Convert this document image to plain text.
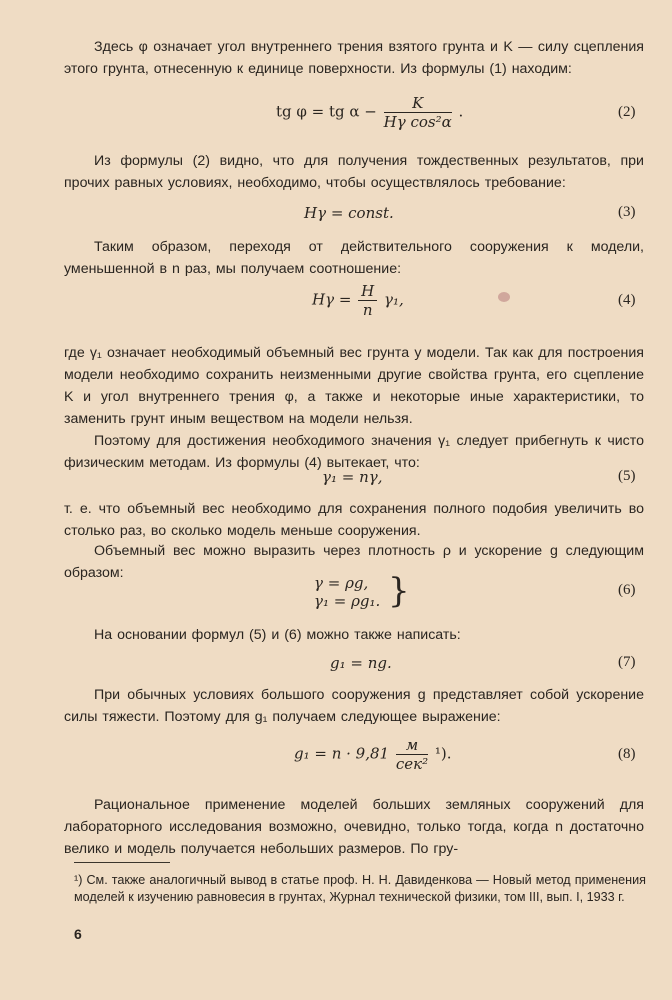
Здесь φ означает угол внутреннего трения взятого грунта и K — силу сцепления этого грунта, отнесенную к единице поверхности. Из формулы (1) находим:
tg φ = tg $\alpha - \frac{K}{\text{Hγ cos²α}}$ .	(2)
Из формулы (2) видно, что для получения тождественных результатов, при прочих равных условиях, необходимо, чтобы осуществлялось требование:
Hγ = const.	(3)
Таким образом, переходя от действительного сооружения к модели, уменьшенной в n раз, мы получаем соотношение:
$H\gamma = \frac{H}{n} \gamma_1$,	(4)
где γ₁ означает необходимый объемный вес грунта у модели. Так как для построения модели необходимо сохранить неизменными другие свойства грунта, его сцепление K и угол внутреннего трения φ, а также и некоторые иные характеристики, то заменить грунт иным веществом на модели нельзя.
Поэтому для достижения необходимого значения γ₁ следует прибегнуть к чисто физическим методам. Из формулы (4) вытекает, что:
γ₁ = nγ,	(5)
т. е. что объемный вес необходимо для сохранения полного подобия увеличить во столько раз, во сколько модель меньше сооружения.
Объемный вес можно выразить через плотность ρ и ускорение g следующим образом:
γ = ρg,
γ₁ = ρg₁. }	(6)
На основании формул (5) и (6) можно также написать:
g₁ = ng.	(7)
При обычных условиях большого сооружения g представляет собой ускорение силы тяжести. Поэтому для g₁ получаем следующее выражение:
$g_1 = n \cdot 9,81 \frac{м}{\text{сек²}} ^1$).	(8)
Рациональное применение моделей больших земляных сооружений для лабораторного исследования возможно, очевидно, только тогда, когда n достаточно велико и модель получается небольших размеров. По гру-
¹) См. также аналогичный вывод в статье проф. Н. Н. Давиденкова — Новый метод применения моделей к изучению равновесия в грунтах, Журнал технической физики, том III, вып. I, 1933 г.
6
